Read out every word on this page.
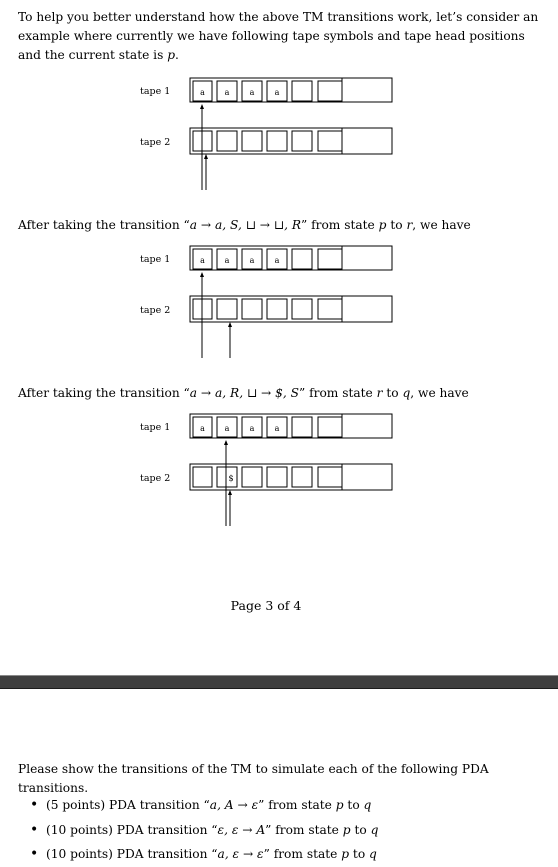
To help you better understand how the above TM transitions work, let’s consider an example where currently we have following tape symbols and tape head positions and the current state is p.

tape 1
tape 2
a a	a	a

After taking the transition “a → a, S, ⊔ → ⊔, R” from state p to r, we have

tape 1
tape 2
a a	a	a

After taking the transition “a → a, R, ⊔ → $, S” from state r to q, we have

tape 1
tape 2
a a	a	a
$
Page 3 of 4

Please show the transitions of the TM to simulate each of the following PDA transitions.

• (5 points) PDA transition “a, A → ε” from state p to q
• (10 points) PDA transition “ε, ε → A” from state p to q
• (10 points) PDA transition “a, ε → ε” from state p to q
